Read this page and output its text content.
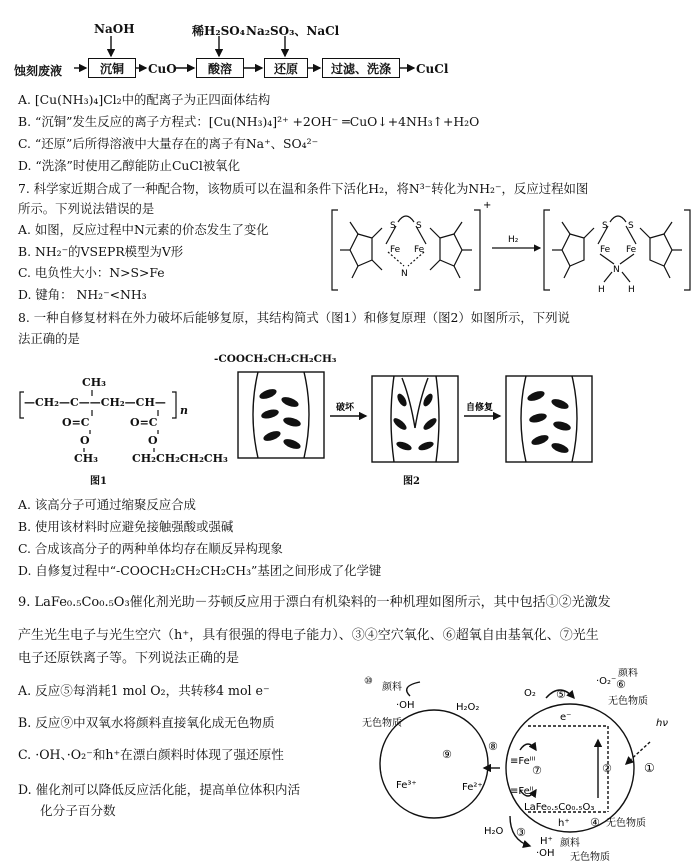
NaOH	稀H₂SO₄ Na₂SO₃、NaCl
蚀刻废液	沉铜	CuO	酸溶	还原	过滤、洗涤	CuCl
A. [Cu(NH₃)₄]Cl₂中的配离子为正四面体结构
B. “沉铜”发生反应的离子方程式：[Cu(NH₃)₄]²⁺ +2OH⁻ ═CuO↓+4NH₃↑+H₂O
C. “还原”后所得溶液中大量存在的离子有Na⁺、SO₄²⁻
D. “洗涤”时使用乙醇能防止CuCl被氧化
7. 科学家近期合成了一种配合物，该物质可以在温和条件下活化H₂，将N³⁻转化为NH₂⁻，反应过程如图
所示。下列说法错误的是
A. 如图，反应过程中N元素的价态发生了变化
B. NH₂⁻的VSEPR模型为V形
C. 电负性大小：N>S>Fe
D. 键角： NH₂⁻<NH₃
Fe Fe
S S
N
+
H₂
Fe Fe
S S
N
H	H
8. 一种自修复材料在外力破坏后能够复原，其结构简式（图1）和修复原理（图2）如图所示，下列说
法正确的是
CH₃
—CH₂—C——CH₂—CH—
n
O=C	O=C
O	O
CH₃	CH₂CH₂CH₂CH₃
图1
-COOCH₂CH₂CH₂CH₃
破坏	自修复
图2
A. 该高分子可通过缩聚反应合成
B. 使用该材料时应避免接触强酸或强碱
C. 合成该高分子的两种单体均存在顺反异构现象
D. 自修复过程中“-COOCH₂CH₂CH₂CH₃”基团之间形成了化学键
9. LaFe₀.₅Co₀.₅O₃催化剂光助－芬顿反应用于漂白有机染料的一种机理如图所示，其中包括①②光激发
产生光生电子与光生空穴（h⁺，具有很强的得电子能力）、③④空穴氧化、⑥超氧自由基氧化、⑦光生
电子还原铁离子等。下列说法正确的是
A. 反应⑤每消耗1 mol O₂，共转移4 mol e⁻
B. 反应⑨中双氧水将颜料直接氧化成无色物质
C. ·OH、·O₂⁻和h⁺在漂白颜料时体现了强还原性
D. 催化剂可以降低反应活化能，提高单位体积内活
化分子百分数
⑩
颜料
·OH	H₂O₂
无色物质
⑨
⑧
Fe³⁺	Fe²⁺
O₂ ⑤
·O₂⁻ ⑥
颜料
无色物质
e⁻
hν
①
②
⑦
≡Feᴵᴵᴵ
≡Feᴵᴵ
LaFe₀.₅Co₀.₅O₃
h⁺
H₂O ③
④ 无色物质
H⁺
·OH
颜料
无色物质
